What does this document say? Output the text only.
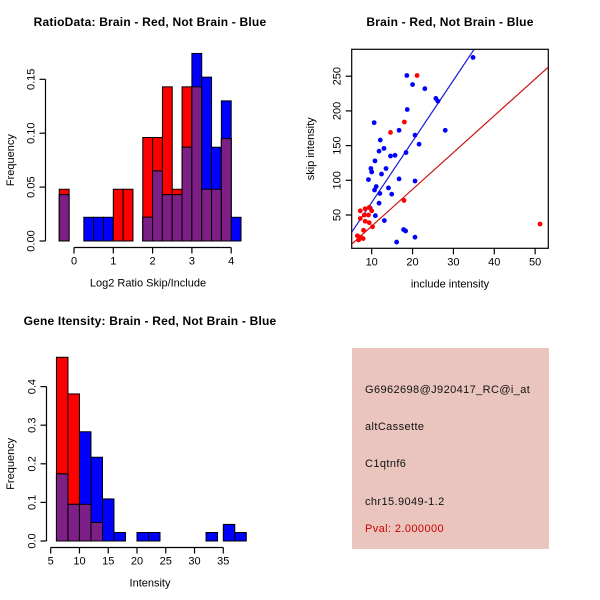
RatioData: Brain - Red, Not Brain - Blue	Brain - Red, Not Brain - Blue
Gene Itensity: Brain - Red, Not Brain - Blue
0.00
0.05
0.10
0.15
Frequency
0	1	2	3	4
Log2 Ratio Skip/Include
10	20	30	40	50
50
100
150
200
250
include intensity
skip intensity
0.0
0.1
0.2
0.3
0.4
Frequency
5 10 15 20 25 30 35
Intensity
G6962698@J920417_RC@i_at
altCassette
C1qtnf6
chr15.9049-1.2
Pval: 2.000000
